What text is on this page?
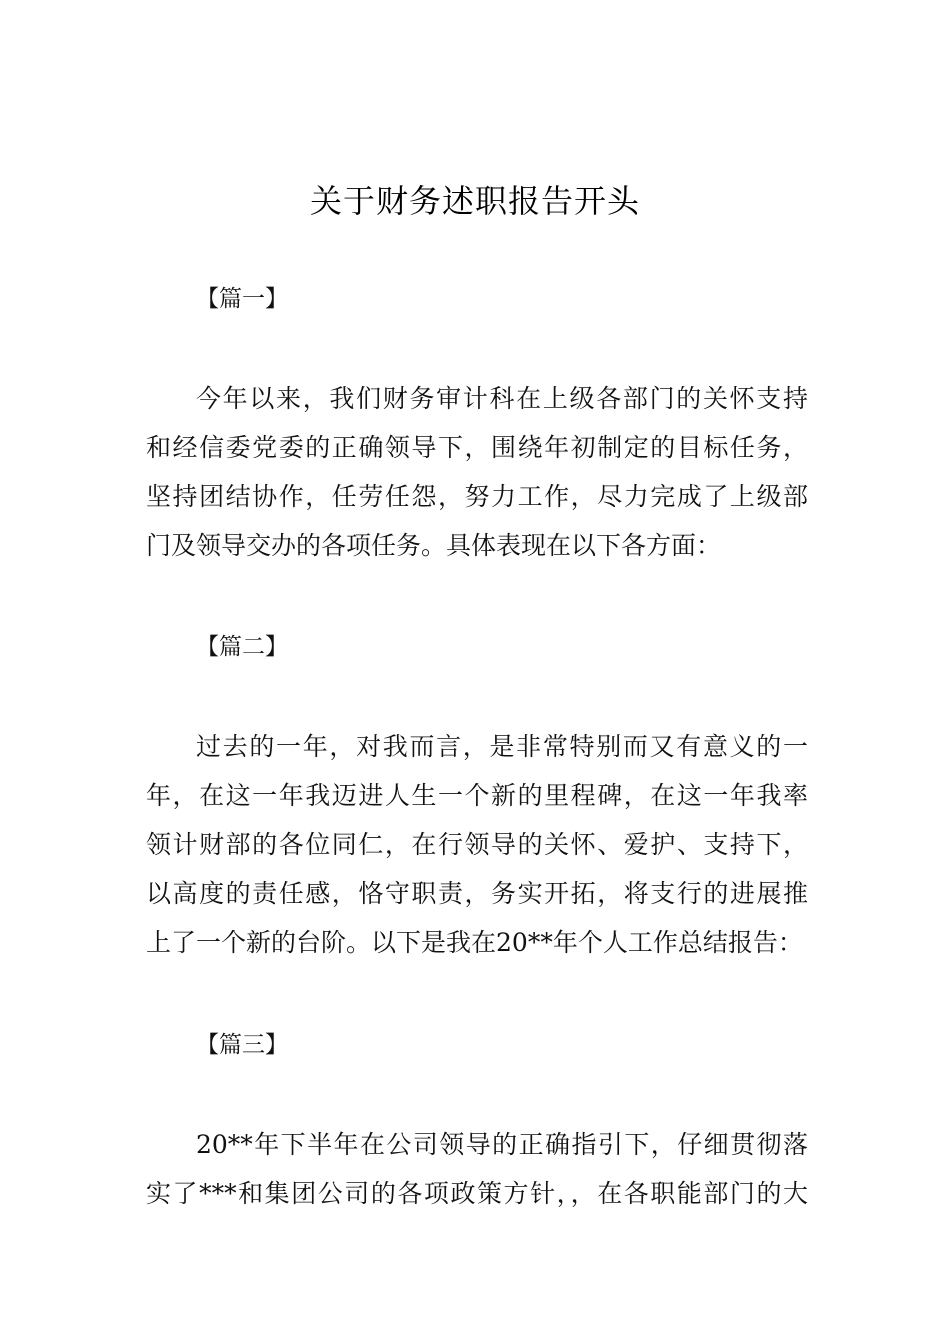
关于财务述职报告开头
【篇一】
今年以来，我们财务审计科在上级各部门的关怀支持
和经信委党委的正确领导下，围绕年初制定的目标任务，
坚持团结协作，任劳任怨，努力工作，尽力完成了上级部
门及领导交办的各项任务。具体表现在以下各方面：
【篇二】
过去的一年，对我而言，是非常特别而又有意义的一
年，在这一年我迈进人生一个新的里程碑，在这一年我率
领计财部的各位同仁，在行领导的关怀、爱护、支持下，
以高度的责任感，恪守职责，务实开拓，将支行的进展推
上了一个新的台阶。以下是我在20**年个人工作总结报告：
【篇三】
20**年下半年在公司领导的正确指引下，仔细贯彻落
实了***和集团公司的各项政策方针，，在各职能部门的大
